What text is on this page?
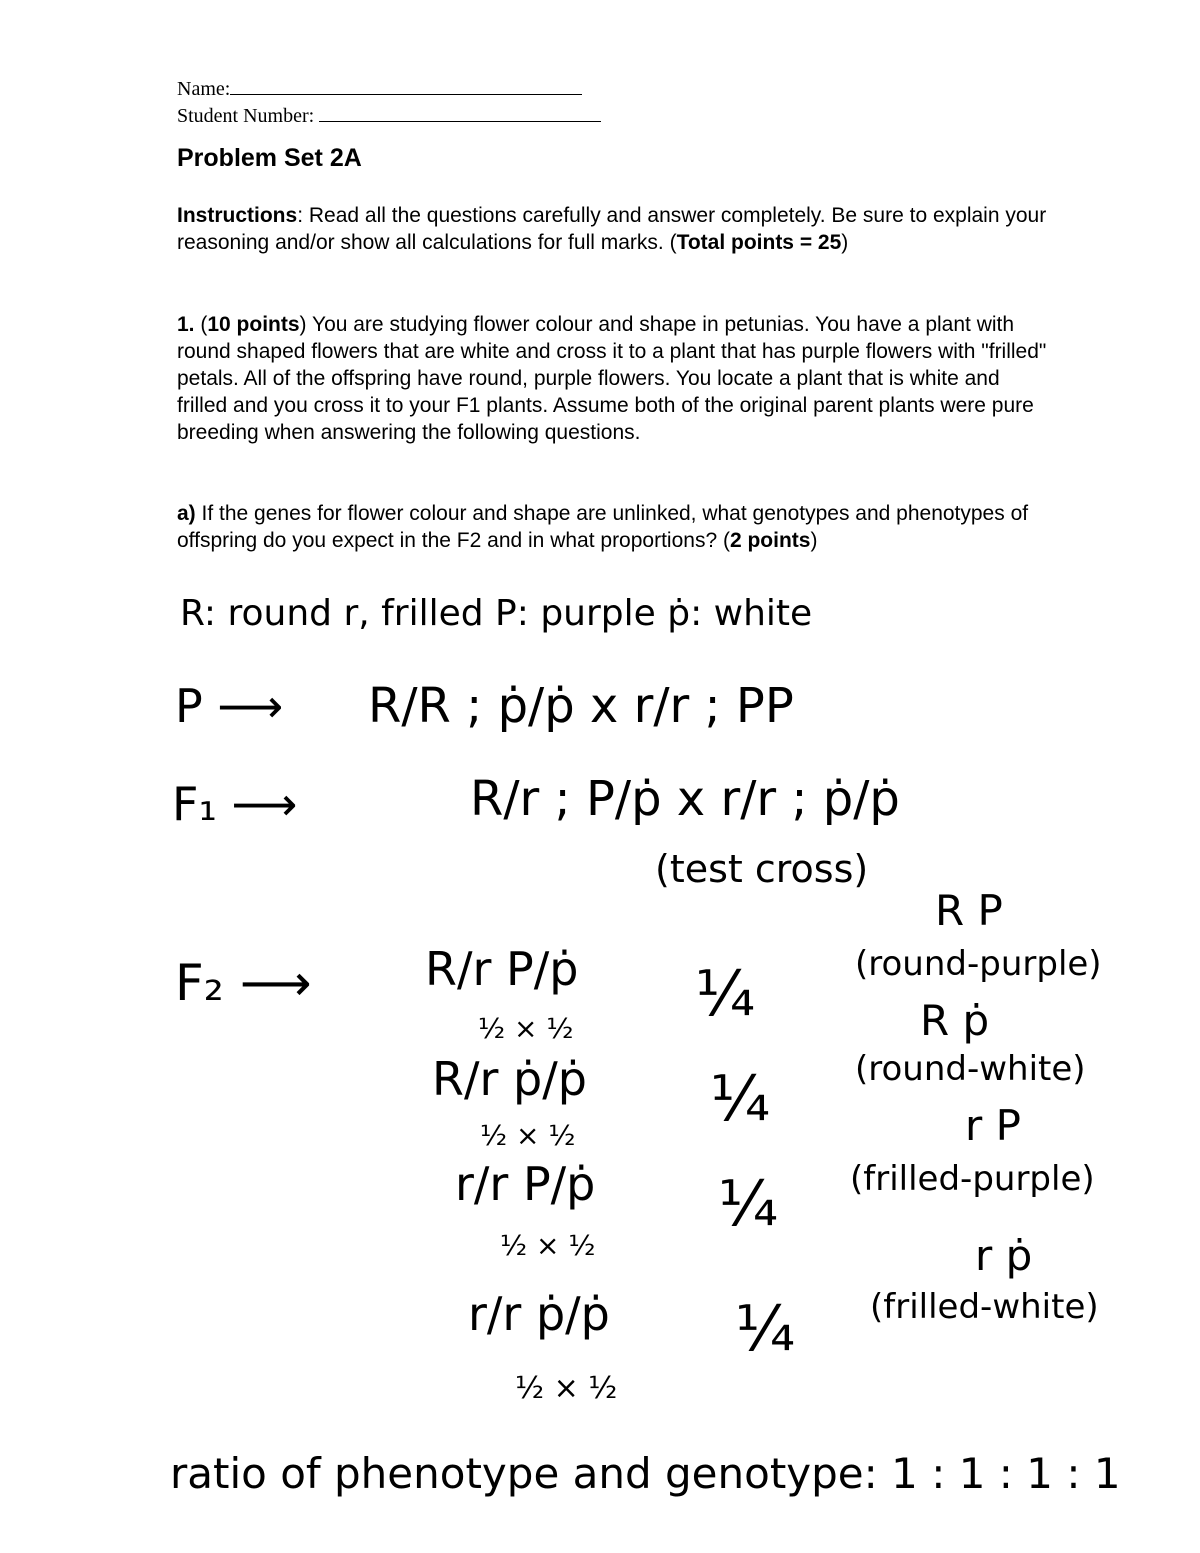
Name:
Student Number:
Problem Set 2A
Instructions: Read all the questions carefully and answer completely. Be sure to explain your reasoning and/or show all calculations for full marks. (Total points = 25)
1. (10 points) You are studying flower colour and shape in petunias. You have a plant with round shaped flowers that are white and cross it to a plant that has purple flowers with "frilled" petals. All of the offspring have round, purple flowers. You locate a plant that is white and frilled and you cross it to your F1 plants. Assume both of the original parent plants were pure breeding when answering the following questions.
a) If the genes for flower colour and shape are unlinked, what genotypes and phenotypes of offspring do you expect in the F2 and in what proportions? (2 points)
R: round r, frilled P: purple ṗ: white
P ⟶ R/R ; ṗ/ṗ x r/r ; PP
F₁ ⟶	R/r ; P/ṗ x r/r ; ṗ/ṗ
(test cross)
F₂ ⟶ R/r P/ṗ
½ × ½ ¼
R P
(round-purple)
R/r ṗ/ṗ
½ × ½
¼
R ṗ
(round-white)
r/r P/ṗ
½ × ½
¼
r P
(frilled-purple)
r/r ṗ/ṗ
½ × ½
¼
r ṗ
(frilled-white)
ratio of phenotype and genotype: 1 : 1 : 1 : 1
